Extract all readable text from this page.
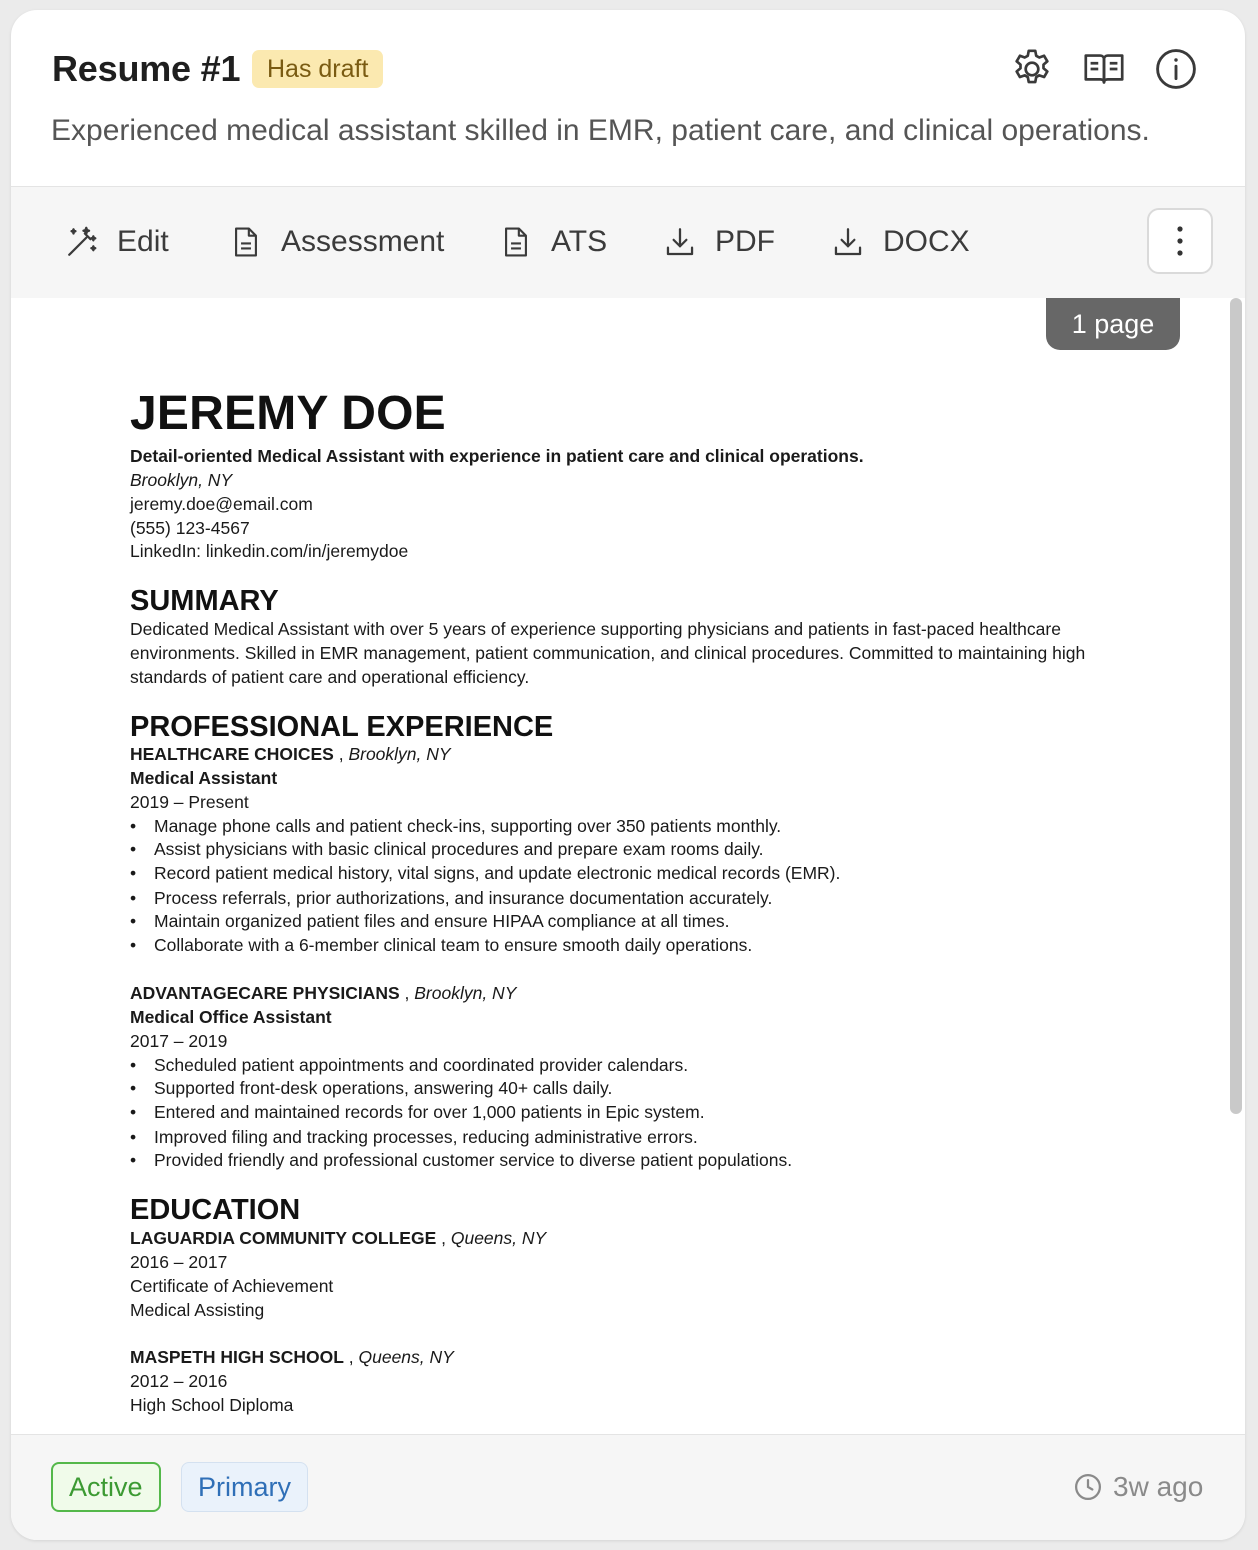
Resume #1	Has draft
Experienced medical assistant skilled in EMR, patient care, and clinical operations.
Edit	Assessment	ATS	PDF	DOCX
1 page
JEREMY DOE
Detail-oriented Medical Assistant with experience in patient care and clinical operations.
Brooklyn, NY
jeremy.doe@email.com
(555) 123-4567
LinkedIn: linkedin.com/in/jeremydoe
SUMMARY
Dedicated Medical Assistant with over 5 years of experience supporting physicians and patients in fast-paced healthcare
environments. Skilled in EMR management, patient communication, and clinical procedures. Committed to maintaining high
standards of patient care and operational efficiency.
PROFESSIONAL EXPERIENCE
HEALTHCARE CHOICES , Brooklyn, NY
Medical Assistant
2019 – Present
• Manage phone calls and patient check-ins, supporting over 350 patients monthly.
• Assist physicians with basic clinical procedures and prepare exam rooms daily.
• Record patient medical history, vital signs, and update electronic medical records (EMR).
• Process referrals, prior authorizations, and insurance documentation accurately.
• Maintain organized patient files and ensure HIPAA compliance at all times.
• Collaborate with a 6-member clinical team to ensure smooth daily operations.
ADVANTAGECARE PHYSICIANS , Brooklyn, NY
Medical Office Assistant
2017 – 2019
• Scheduled patient appointments and coordinated provider calendars.
• Supported front-desk operations, answering 40+ calls daily.
• Entered and maintained records for over 1,000 patients in Epic system.
• Improved filing and tracking processes, reducing administrative errors.
• Provided friendly and professional customer service to diverse patient populations.
EDUCATION
LAGUARDIA COMMUNITY COLLEGE , Queens, NY
2016 – 2017
Certificate of Achievement
Medical Assisting
MASPETH HIGH SCHOOL , Queens, NY
2012 – 2016
High School Diploma
Active	Primary	3w ago
